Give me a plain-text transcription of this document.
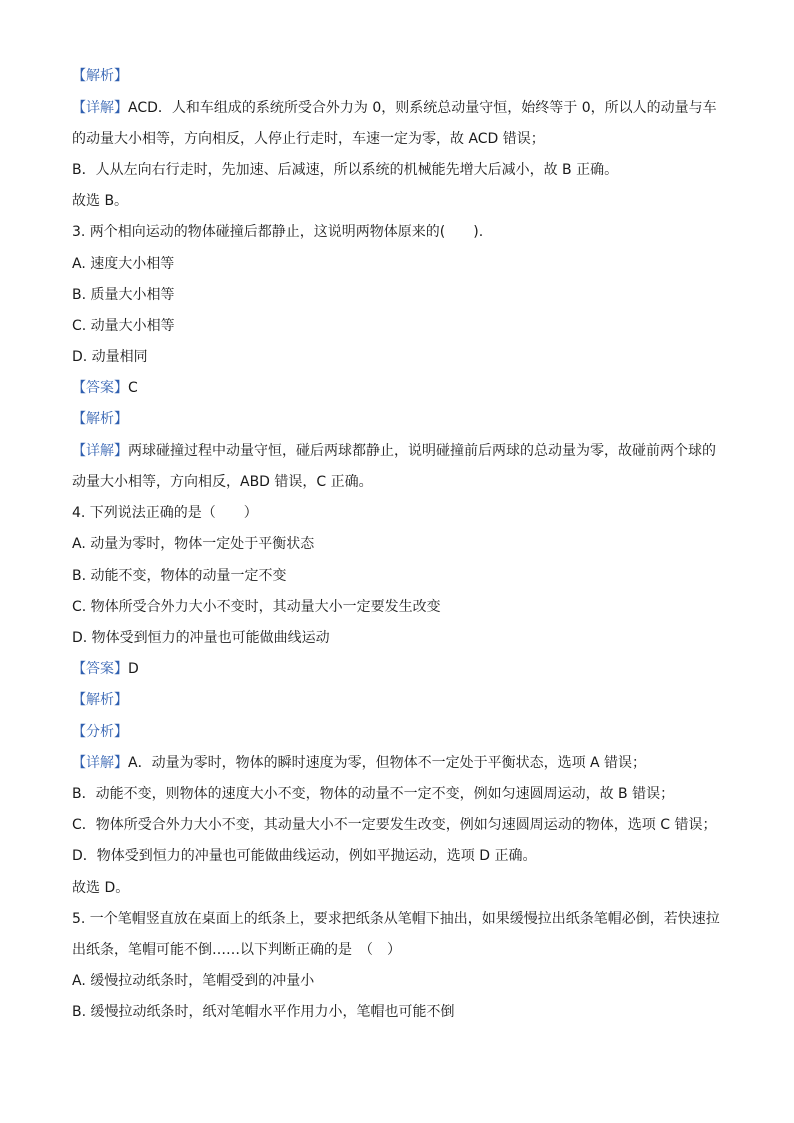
【解析】
【详解】ACD．人和车组成的系统所受合外力为 0，则系统总动量守恒，始终等于 0，所以人的动量与车
的动量大小相等，方向相反，人停止行走时，车速一定为零，故 ACD 错误；
B．人从左向右行走时，先加速、后减速，所以系统的机械能先增大后减小，故 B 正确。
故选 B。
3. 两个相向运动的物体碰撞后都静止，这说明两物体原来的(　　).
A. 速度大小相等
B. 质量大小相等
C. 动量大小相等
D. 动量相同
【答案】C
【解析】
【详解】两球碰撞过程中动量守恒，碰后两球都静止，说明碰撞前后两球的总动量为零，故碰前两个球的
动量大小相等，方向相反，ABD 错误，C 正确。
4. 下列说法正确的是（　　）
A. 动量为零时，物体一定处于平衡状态
B. 动能不变，物体的动量一定不变
C. 物体所受合外力大小不变时，其动量大小一定要发生改变
D. 物体受到恒力的冲量也可能做曲线运动
【答案】D
【解析】
【分析】
【详解】A．动量为零时，物体的瞬时速度为零，但物体不一定处于平衡状态，选项 A 错误；
B．动能不变，则物体的速度大小不变，物体的动量不一定不变，例如匀速圆周运动，故 B 错误；
C．物体所受合外力大小不变，其动量大小不一定要发生改变，例如匀速圆周运动的物体，选项 C 错误；
D．物体受到恒力的冲量也可能做曲线运动，例如平抛运动，选项 D 正确。
故选 D。
5. 一个笔帽竖直放在桌面上的纸条上，要求把纸条从笔帽下抽出，如果缓慢拉出纸条笔帽必倒，若快速拉
出纸条，笔帽可能不倒……以下判断正确的是　（　）
A. 缓慢拉动纸条时，笔帽受到的冲量小
B. 缓慢拉动纸条时，纸对笔帽水平作用力小，笔帽也可能不倒
